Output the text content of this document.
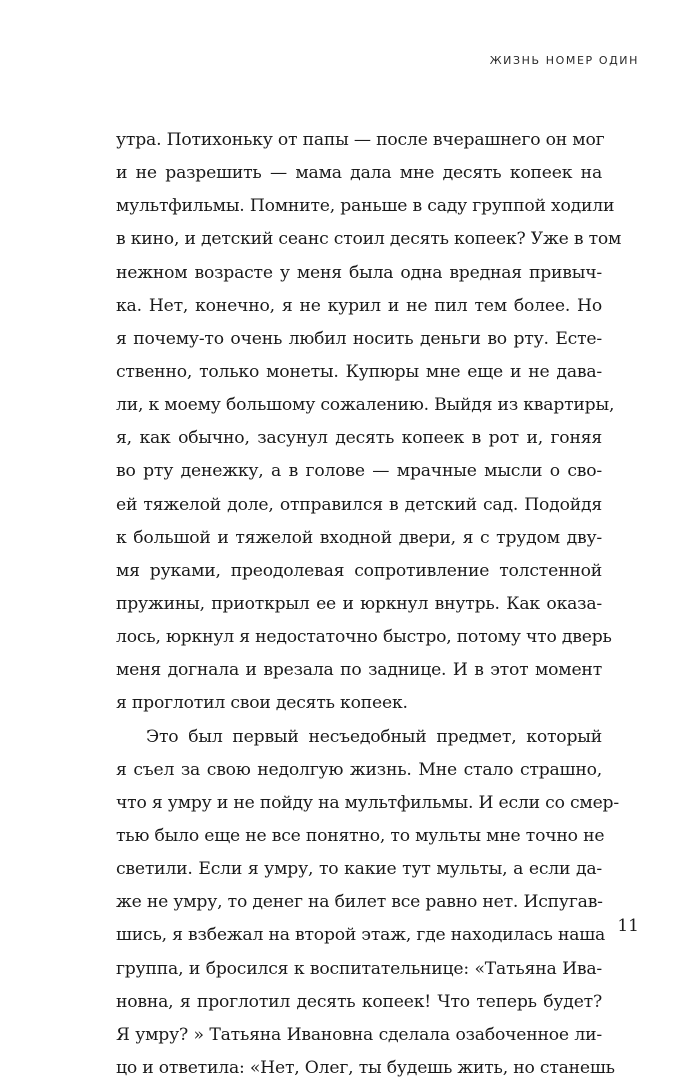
ЖИЗНЬ НОМЕР ОДИН
утра. Потихоньку от папы — после вчерашнего он мог
и не разрешить — мама дала мне десять копеек на
мультфильмы. Помните, раньше в саду группой ходили
в кино, и детский сеанс стоил десять копеек? Уже в том
нежном возрасте у меня была одна вредная привыч-
ка. Нет, конечно, я не курил и не пил тем более. Но
я почему-то очень любил носить деньги во рту. Есте-
ственно, только монеты. Купюры мне еще и не дава-
ли, к моему большому сожалению. Выйдя из квартиры,
я, как обычно, засунул десять копеек в рот и, гоняя
во рту денежку, а в голове — мрачные мысли о сво-
ей тяжелой доле, отправился в детский сад. Подойдя
к большой и тяжелой входной двери, я с трудом дву-
мя руками, преодолевая сопротивление толстенной
пружины, приоткрыл ее и юркнул внутрь. Как оказа-
лось, юркнул я недостаточно быстро, потому что дверь
меня догнала и врезала по заднице. И в этот момент
я проглотил свои десять копеек.
Это был первый несъедобный предмет, который
я съел за свою недолгую жизнь. Мне стало страшно,
что я умру и не пойду на мультфильмы. И если со смер-
тью было еще не все понятно, то мульты мне точно не
светили. Если я умру, то какие тут мульты, а если да-
же не умру, то денег на билет все равно нет. Испугав-
шись, я взбежал на второй этаж, где находилась наша
группа, и бросился к воспитательнице: «Татьяна Ива-
новна, я проглотил десять копеек! Что теперь будет?
Я умру? » Татьяна Ивановна сделала озабоченное ли-
цо и ответила: «Нет, Олег, ты будешь жить, но станешь
11
